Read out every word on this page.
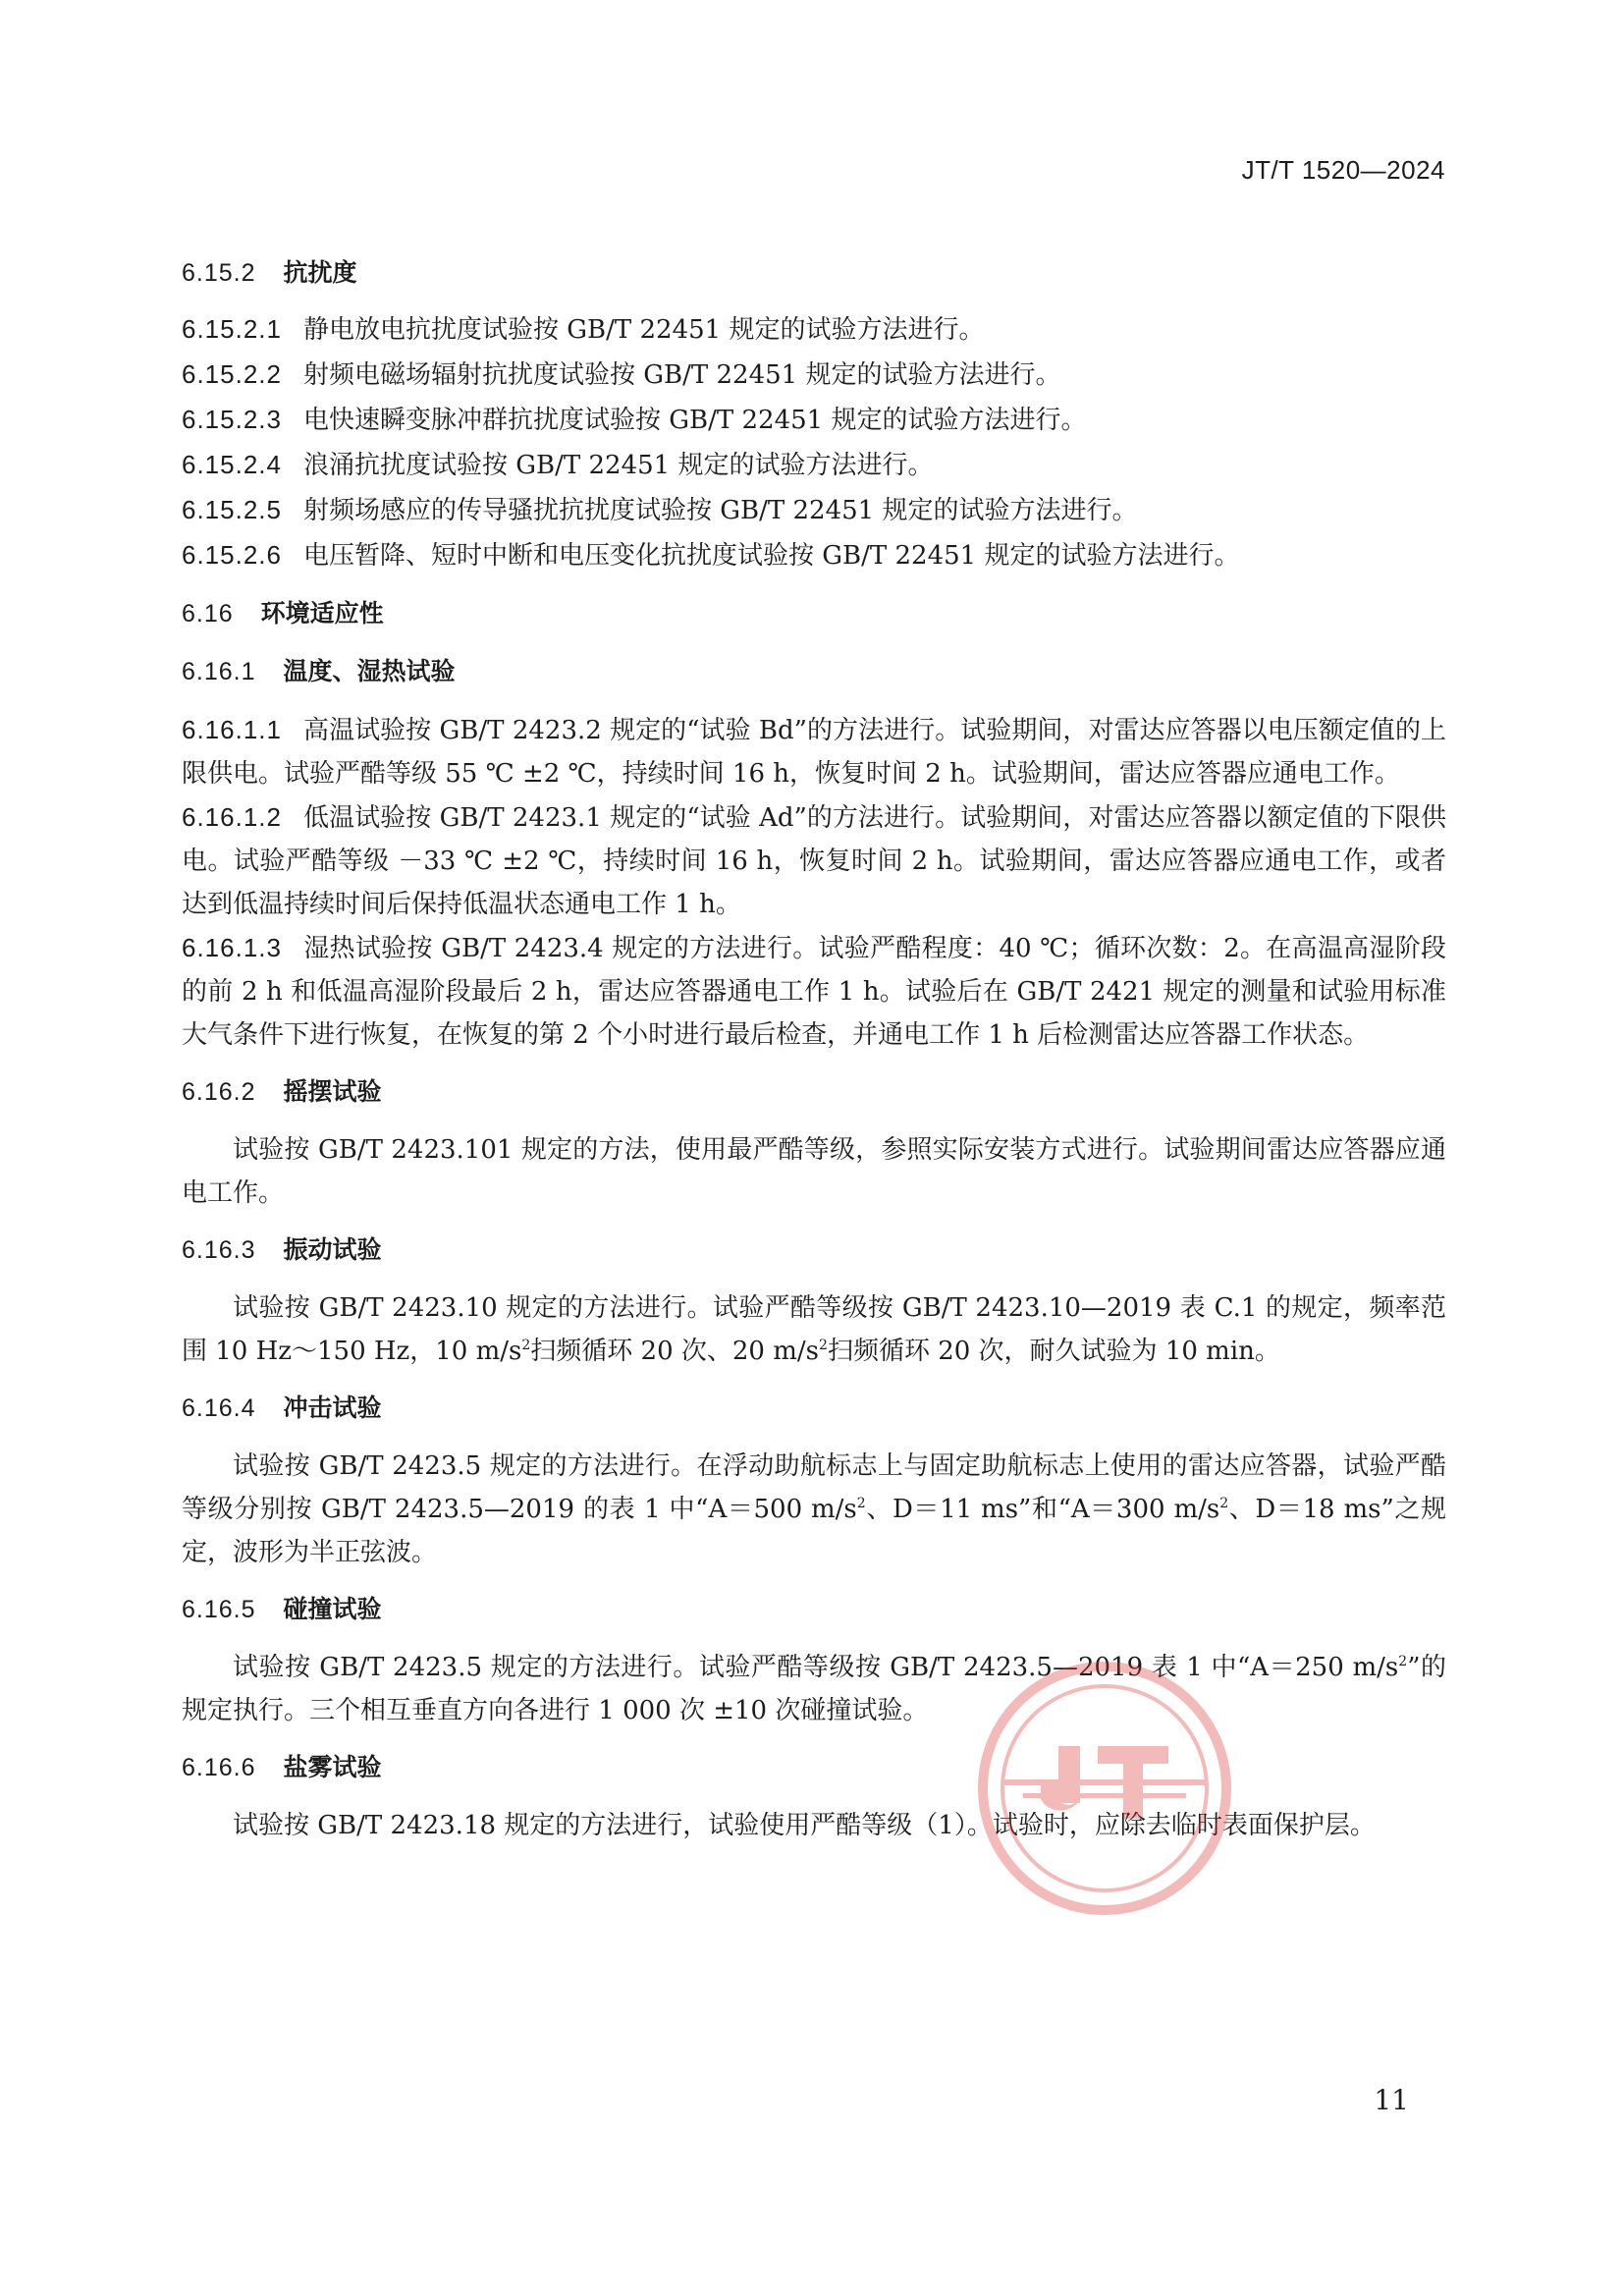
JT/T 1520—2024
6.15.2 抗扰度
6.15.2.1 静电放电抗扰度试验按 GB/T 22451 规定的试验方法进行。
6.15.2.2 射频电磁场辐射抗扰度试验按 GB/T 22451 规定的试验方法进行。
6.15.2.3 电快速瞬变脉冲群抗扰度试验按 GB/T 22451 规定的试验方法进行。
6.15.2.4 浪涌抗扰度试验按 GB/T 22451 规定的试验方法进行。
6.15.2.5 射频场感应的传导骚扰抗扰度试验按 GB/T 22451 规定的试验方法进行。
6.15.2.6 电压暂降、短时中断和电压变化抗扰度试验按 GB/T 22451 规定的试验方法进行。
6.16 环境适应性
6.16.1 温度、湿热试验

6.16.1.1 高温试验按 GB/T 2423.2 规定的“试验 Bd”的方法进行。试验期间，对雷达应答器以电压额定值的上限供电。试验严酷等级 55 ℃ ±2 ℃，持续时间 16 h，恢复时间 2 h。试验期间，雷达应答器应通电工作。

6.16.1.2 低温试验按 GB/T 2423.1 规定的“试验 Ad”的方法进行。试验期间，对雷达应答器以额定值的下限供电。试验严酷等级 －33 ℃ ±2 ℃，持续时间 16 h，恢复时间 2 h。试验期间，雷达应答器应通电工作，或者达到低温持续时间后保持低温状态通电工作 1 h。

6.16.1.3 湿热试验按 GB/T 2423.4 规定的方法进行。试验严酷程度：40 ℃；循环次数：2。在高温高湿阶段的前 2 h 和低温高湿阶段最后 2 h，雷达应答器通电工作 1 h。试验后在 GB/T 2421 规定的测量和试验用标准大气条件下进行恢复，在恢复的第 2 个小时进行最后检查，并通电工作 1 h 后检测雷达应答器工作状态。

6.16.2 摇摆试验

试验按 GB/T 2423.101 规定的方法，使用最严酷等级，参照实际安装方式进行。试验期间雷达应答器应通电工作。

6.16.3 振动试验

试验按 GB/T 2423.10 规定的方法进行。试验严酷等级按 GB/T 2423.10—2019 表 C.1 的规定，频率范围 10 Hz～150 Hz，10 $m/s^2$扫频循环 20 次、20 $m/s^2$扫频循环 20 次，耐久试验为 10 min。

6.16.4 冲击试验

试验按 GB/T 2423.5 规定的方法进行。在浮动助航标志上与固定助航标志上使用的雷达应答器，试验严酷等级分别按 GB/T 2423.5—2019 的表 1 中“A＝500 $m/s^2$、D＝11 ms”和“A＝300 $m/s^2$、D＝18 ms”之规定，波形为半正弦波。

6.16.5 碰撞试验

试验按 GB/T 2423.5 规定的方法进行。试验严酷等级按 GB/T 2423.5—2019 表 1 中“A＝250 $m/s^2$”的规定执行。三个相互垂直方向各进行 1 000 次 ±10 次碰撞试验。

6.16.6 盐雾试验

试验按 GB/T 2423.18 规定的方法进行，试验使用严酷等级（1）。试验时，应除去临时表面保护层。

11
